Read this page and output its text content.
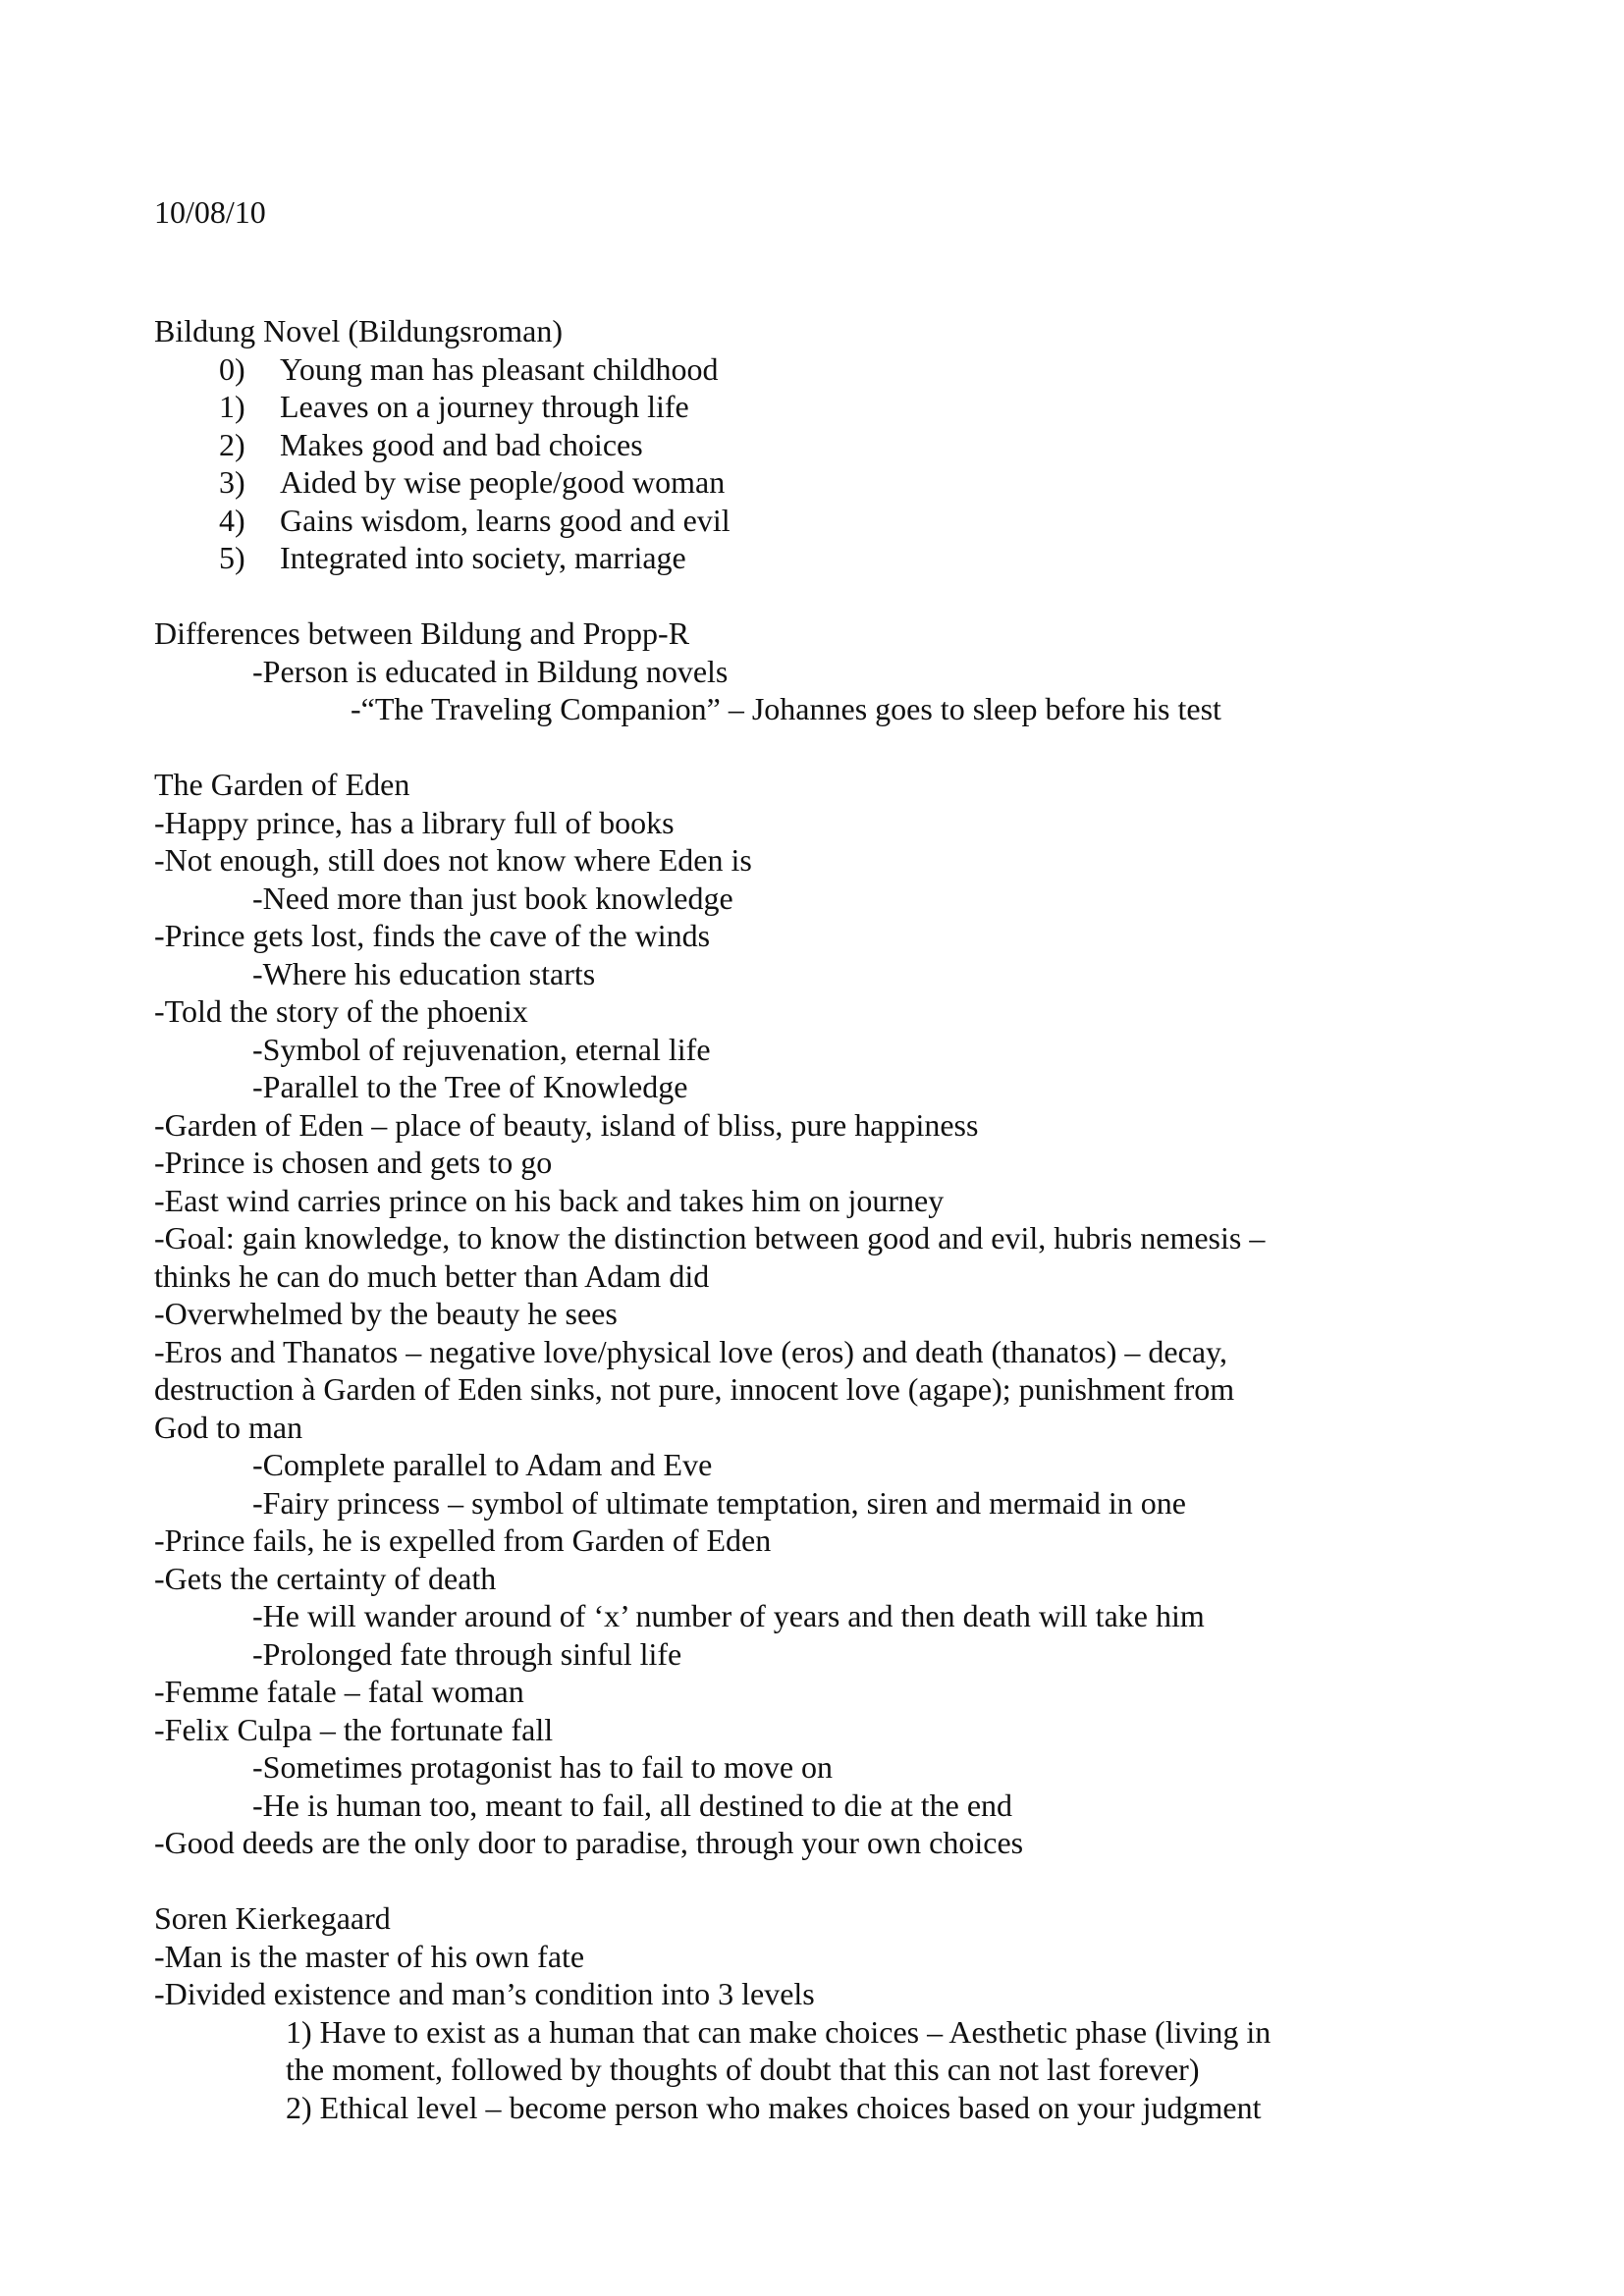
10/08/10
Bildung Novel (Bildungsroman)
0) Young man has pleasant childhood
1) Leaves on a journey through life
2) Makes good and bad choices
3) Aided by wise people/good woman
4) Gains wisdom, learns good and evil
5) Integrated into society, marriage
Differences between Bildung and Propp-R
-Person is educated in Bildung novels
-“The Traveling Companion” – Johannes goes to sleep before his test
The Garden of Eden
-Happy prince, has a library full of books
-Not enough, still does not know where Eden is
-Need more than just book knowledge
-Prince gets lost, finds the cave of the winds
-Where his education starts
-Told the story of the phoenix
-Symbol of rejuvenation, eternal life
-Parallel to the Tree of Knowledge
-Garden of Eden – place of beauty, island of bliss, pure happiness
-Prince is chosen and gets to go
-East wind carries prince on his back and takes him on journey
-Goal: gain knowledge, to know the distinction between good and evil, hubris nemesis –
thinks he can do much better than Adam did
-Overwhelmed by the beauty he sees
-Eros and Thanatos – negative love/physical love (eros) and death (thanatos) – decay,
destruction à Garden of Eden sinks, not pure, innocent love (agape); punishment from
God to man
-Complete parallel to Adam and Eve
-Fairy princess – symbol of ultimate temptation, siren and mermaid in one
-Prince fails, he is expelled from Garden of Eden
-Gets the certainty of death
-He will wander around of ‘x’ number of years and then death will take him
-Prolonged fate through sinful life
-Femme fatale – fatal woman
-Felix Culpa – the fortunate fall
-Sometimes protagonist has to fail to move on
-He is human too, meant to fail, all destined to die at the end
-Good deeds are the only door to paradise, through your own choices
Soren Kierkegaard
-Man is the master of his own fate
-Divided existence and man’s condition into 3 levels
1) Have to exist as a human that can make choices – Aesthetic phase (living in
the moment, followed by thoughts of doubt that this can not last forever)
2) Ethical level – become person who makes choices based on your judgment
